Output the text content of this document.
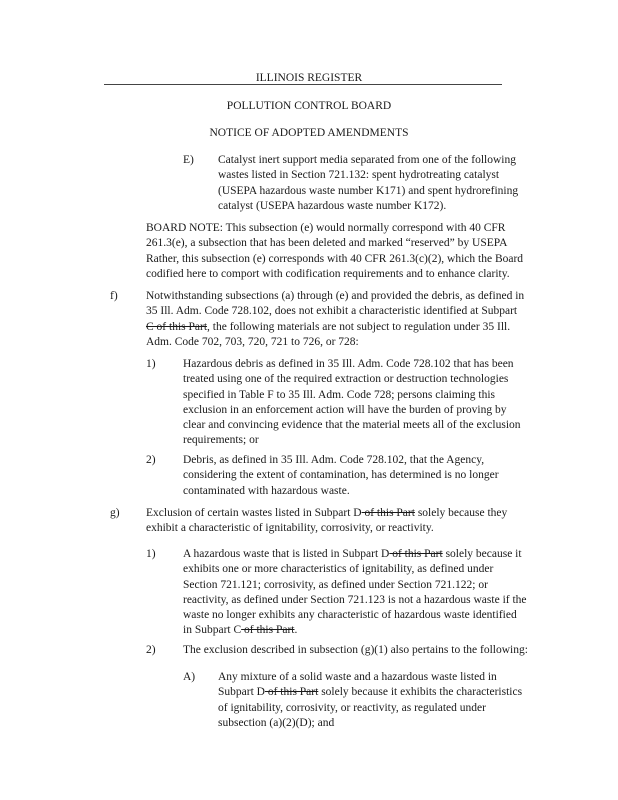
ILLINOIS REGISTER
POLLUTION CONTROL BOARD
NOTICE OF ADOPTED AMENDMENTS
E) Catalyst inert support media separated from one of the following
wastes listed in Section 721.132: spent hydrotreating catalyst
(USEPA hazardous waste number K171) and spent hydrorefining
catalyst (USEPA hazardous waste number K172).
BOARD NOTE: This subsection (e) would normally correspond with 40 CFR
261.3(e), a subsection that has been deleted and marked “reserved” by USEPA
Rather, this subsection (e) corresponds with 40 CFR 261.3(c)(2), which the Board
codified here to comport with codification requirements and to enhance clarity.
f) Notwithstanding subsections (a) through (e) and provided the debris, as defined in
35 Ill. Adm. Code 728.102, does not exhibit a characteristic identified at Subpart
C of this Part, the following materials are not subject to regulation under 35 Ill.
Adm. Code 702, 703, 720, 721 to 726, or 728:
1) Hazardous debris as defined in 35 Ill. Adm. Code 728.102 that has been
treated using one of the required extraction or destruction technologies
specified in Table F to 35 Ill. Adm. Code 728; persons claiming this
exclusion in an enforcement action will have the burden of proving by
clear and convincing evidence that the material meets all of the exclusion
requirements; or
2) Debris, as defined in 35 Ill. Adm. Code 728.102, that the Agency,
considering the extent of contamination, has determined is no longer
contaminated with hazardous waste.
g) Exclusion of certain wastes listed in Subpart D of this Part solely because they
exhibit a characteristic of ignitability, corrosivity, or reactivity.
1) A hazardous waste that is listed in Subpart D of this Part solely because it
exhibits one or more characteristics of ignitability, as defined under
Section 721.121; corrosivity, as defined under Section 721.122; or
reactivity, as defined under Section 721.123 is not a hazardous waste if the
waste no longer exhibits any characteristic of hazardous waste identified
in Subpart C of this Part.
2) The exclusion described in subsection (g)(1) also pertains to the following:
A) Any mixture of a solid waste and a hazardous waste listed in
Subpart D of this Part solely because it exhibits the characteristics
of ignitability, corrosivity, or reactivity, as regulated under
subsection (a)(2)(D); and
